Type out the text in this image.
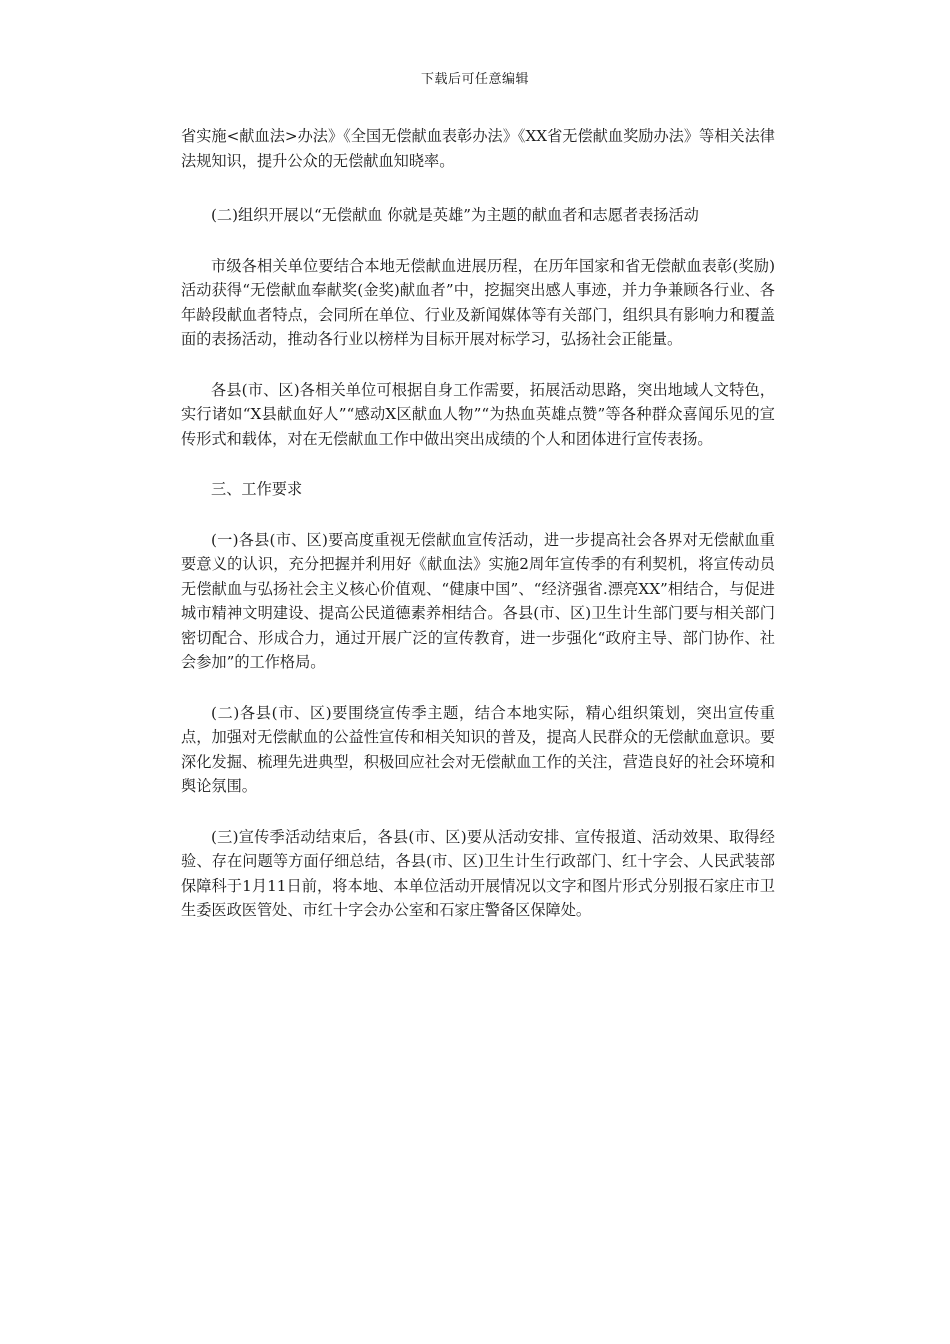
下载后可任意编辑

省实施<献血法>办法》《全国无偿献血表彰办法》《XX省无偿献血奖励办法》等相关法律法规知识，提升公众的无偿献血知晓率。

(二)组织开展以“无偿献血 你就是英雄”为主题的献血者和志愿者表扬活动

市级各相关单位要结合本地无偿献血进展历程，在历年国家和省无偿献血表彰(奖励)活动获得“无偿献血奉献奖(金奖)献血者”中，挖掘突出感人事迹，并力争兼顾各行业、各年龄段献血者特点，会同所在单位、行业及新闻媒体等有关部门，组织具有影响力和覆盖面的表扬活动，推动各行业以榜样为目标开展对标学习，弘扬社会正能量。

各县(市、区)各相关单位可根据自身工作需要，拓展活动思路，突出地域人文特色，实行诸如“X县献血好人”“感动X区献血人物”“为热血英雄点赞”等各种群众喜闻乐见的宣传形式和载体，对在无偿献血工作中做出突出成绩的个人和团体进行宣传表扬。

三、工作要求

(一)各县(市、区)要高度重视无偿献血宣传活动，进一步提高社会各界对无偿献血重要意义的认识，充分把握并利用好《献血法》实施2周年宣传季的有利契机，将宣传动员无偿献血与弘扬社会主义核心价值观、“健康中国”、“经济强省.漂亮XX”相结合，与促进城市精神文明建设、提高公民道德素养相结合。各县(市、区)卫生计生部门要与相关部门密切配合、形成合力，通过开展广泛的宣传教育，进一步强化“政府主导、部门协作、社会参加”的工作格局。

(二)各县(市、区)要围绕宣传季主题，结合本地实际，精心组织策划，突出宣传重点，加强对无偿献血的公益性宣传和相关知识的普及，提高人民群众的无偿献血意识。要深化发掘、梳理先进典型，积极回应社会对无偿献血工作的关注，营造良好的社会环境和舆论氛围。

(三)宣传季活动结束后，各县(市、区)要从活动安排、宣传报道、活动效果、取得经验、存在问题等方面仔细总结，各县(市、区)卫生计生行政部门、红十字会、人民武装部保障科于1月11日前，将本地、本单位活动开展情况以文字和图片形式分别报石家庄市卫生委医政医管处、市红十字会办公室和石家庄警备区保障处。
